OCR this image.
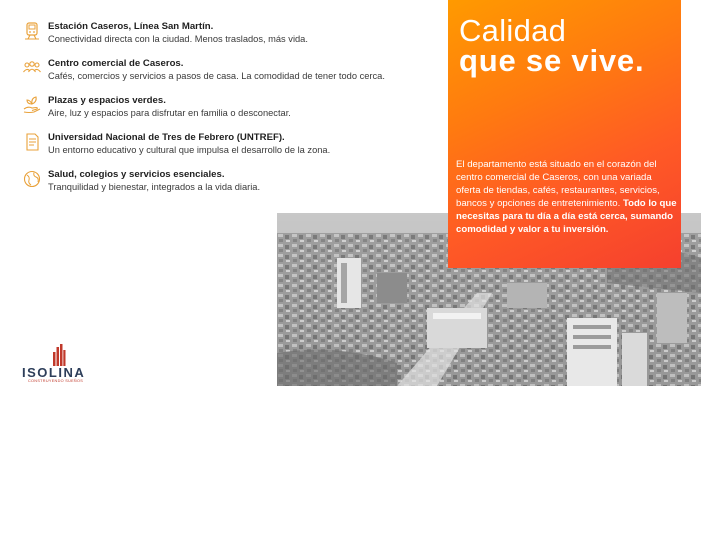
Estación Caseros, Línea San Martín.
Conectividad directa con la ciudad. Menos traslados, más vida.
Centro comercial de Caseros.
Cafés, comercios y servicios a pasos de casa. La comodidad de tener todo cerca.
Plazas y espacios verdes.
Aire, luz y espacios para disfrutar en familia o desconectar.
Universidad Nacional de Tres de Febrero (UNTREF).
Un entorno educativo y cultural que impulsa el desarrollo de la zona.
Salud, colegios y servicios esenciales.
Tranquilidad y bienestar, integrados a la vida diaria.
Calidad
que se vive.
El departamento está situado en el corazón del centro comercial de Caseros, con una variada oferta de tiendas, cafés, restaurantes, servicios, bancos y opciones de entretenimiento. Todo lo que necesitas para tu día a día está cerca, sumando comodidad y valor a tu inversión.
ISOLINA
CONSTRUYENDO SUEÑOS
